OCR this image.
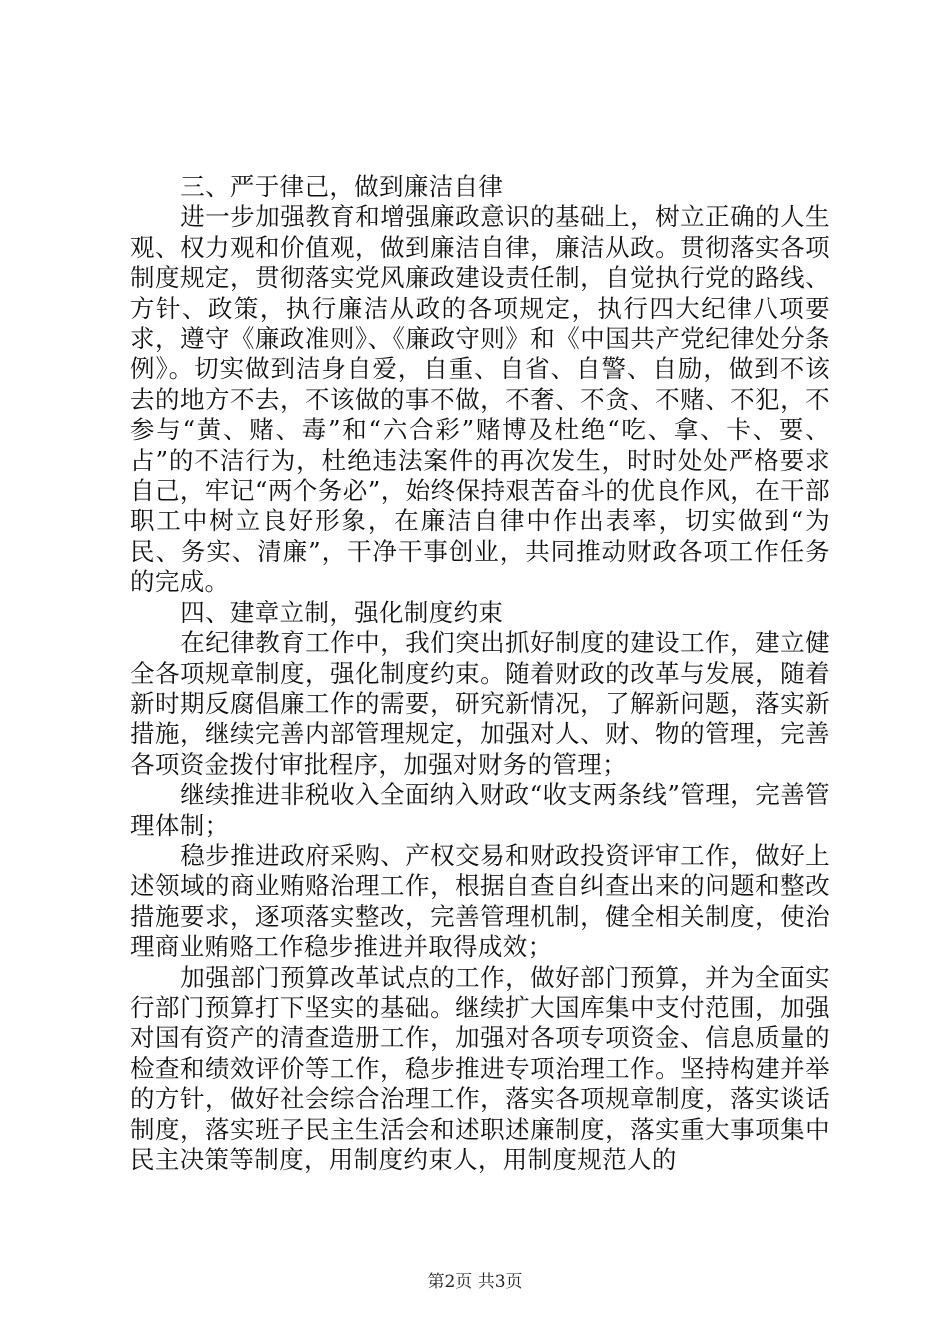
三、严于律己，做到廉洁自律

进一步加强教育和增强廉政意识的基础上，树立正确的人生观、权力观和价值观，做到廉洁自律，廉洁从政。贯彻落实各项制度规定，贯彻落实党风廉政建设责任制，自觉执行党的路线、方针、政策，执行廉洁从政的各项规定，执行四大纪律八项要求，遵守《廉政准则》、《廉政守则》和《中国共产党纪律处分条例》。切实做到洁身自爱，自重、自省、自警、自励，做到不该去的地方不去，不该做的事不做，不奢、不贪、不赌、不犯，不参与“黄、赌、毒”和“六合彩”赌博及杜绝“吃、拿、卡、要、占”的不洁行为，杜绝违法案件的再次发生，时时处处严格要求自己，牢记“两个务必”，始终保持艰苦奋斗的优良作风，在干部职工中树立良好形象，在廉洁自律中作出表率，切实做到“为民、务实、清廉”，干净干事创业，共同推动财政各项工作任务的完成。

四、建章立制，强化制度约束

在纪律教育工作中，我们突出抓好制度的建设工作，建立健全各项规章制度，强化制度约束。随着财政的改革与发展，随着新时期反腐倡廉工作的需要，研究新情况，了解新问题，落实新措施，继续完善内部管理规定，加强对人、财、物的管理，完善各项资金拨付审批程序，加强对财务的管理；

继续推进非税收入全面纳入财政“收支两条线”管理，完善管理体制；

稳步推进政府采购、产权交易和财政投资评审工作，做好上述领域的商业贿赂治理工作，根据自查自纠查出来的问题和整改措施要求，逐项落实整改，完善管理机制，健全相关制度，使治理商业贿赂工作稳步推进并取得成效；

加强部门预算改革试点的工作，做好部门预算，并为全面实行部门预算打下坚实的基础。继续扩大国库集中支付范围，加强对国有资产的清查造册工作，加强对各项专项资金、信息质量的检查和绩效评价等工作，稳步推进专项治理工作。坚持构建并举的方针，做好社会综合治理工作，落实各项规章制度，落实谈话制度，落实班子民主生活会和述职述廉制度，落实重大事项集中民主决策等制度，用制度约束人，用制度规范人的

第2页 共3页
